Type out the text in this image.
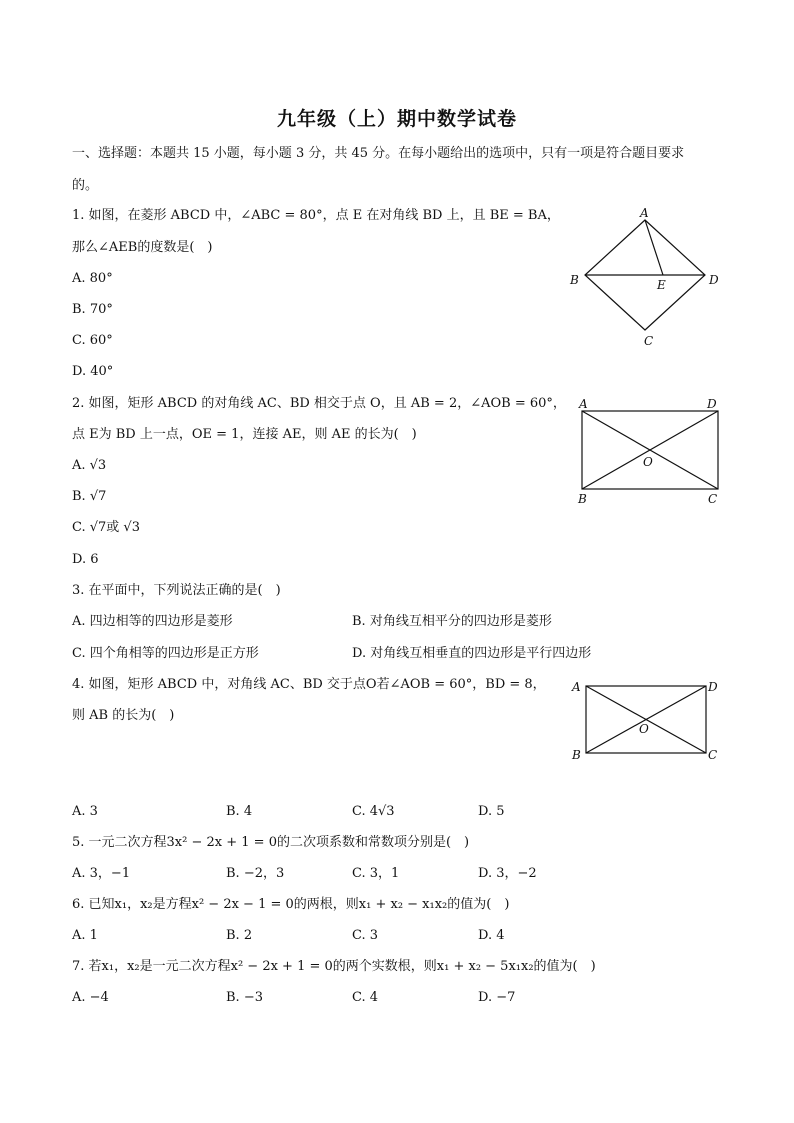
九年级（上）期中数学试卷
一、选择题：本题共 15 小题，每小题 3 分，共 45 分。在每小题给出的选项中，只有一项是符合题目要求
的。
1. 如图，在菱形 ABCD 中，∠ABC = 80°，点 E 在对角线 BD 上，且 BE = BA，
那么∠AEB的度数是(　)
A. 80°
B. 70°
C. 60°
D. 40°
A
B
C
D
E
2. 如图，矩形 ABCD 的对角线 AC、BD 相交于点 O，且 AB = 2，∠AOB = 60°，
点 E为 BD 上一点，OE = 1，连接 AE，则 AE 的长为(　)
A. √3
B. √7
C. √7或 √3
D. 6
A	D
B	C
O
3. 在平面中，下列说法正确的是(　)
A. 四边相等的四边形是菱形	B. 对角线互相平分的四边形是菱形
C. 四个角相等的四边形是正方形	D. 对角线互相垂直的四边形是平行四边形
4. 如图，矩形 ABCD 中，对角线 AC、BD 交于点O若∠AOB = 60°，BD = 8，
则 AB 的长为(　)
A	D
B	C
O
A. 3	B. 4	C. 4√3	D. 5
5. 一元二次方程3x² − 2x + 1 = 0的二次项系数和常数项分别是(　)
A. 3，−1	B. −2，3	C. 3，1	D. 3，−2
6. 已知x₁，x₂是方程x² − 2x − 1 = 0的两根，则x₁ + x₂ − x₁x₂的值为(　)
A. 1	B. 2	C. 3	D. 4
7. 若x₁，x₂是一元二次方程x² − 2x + 1 = 0的两个实数根，则x₁ + x₂ − 5x₁x₂的值为(　)
A. −4	B. −3	C. 4	D. −7
